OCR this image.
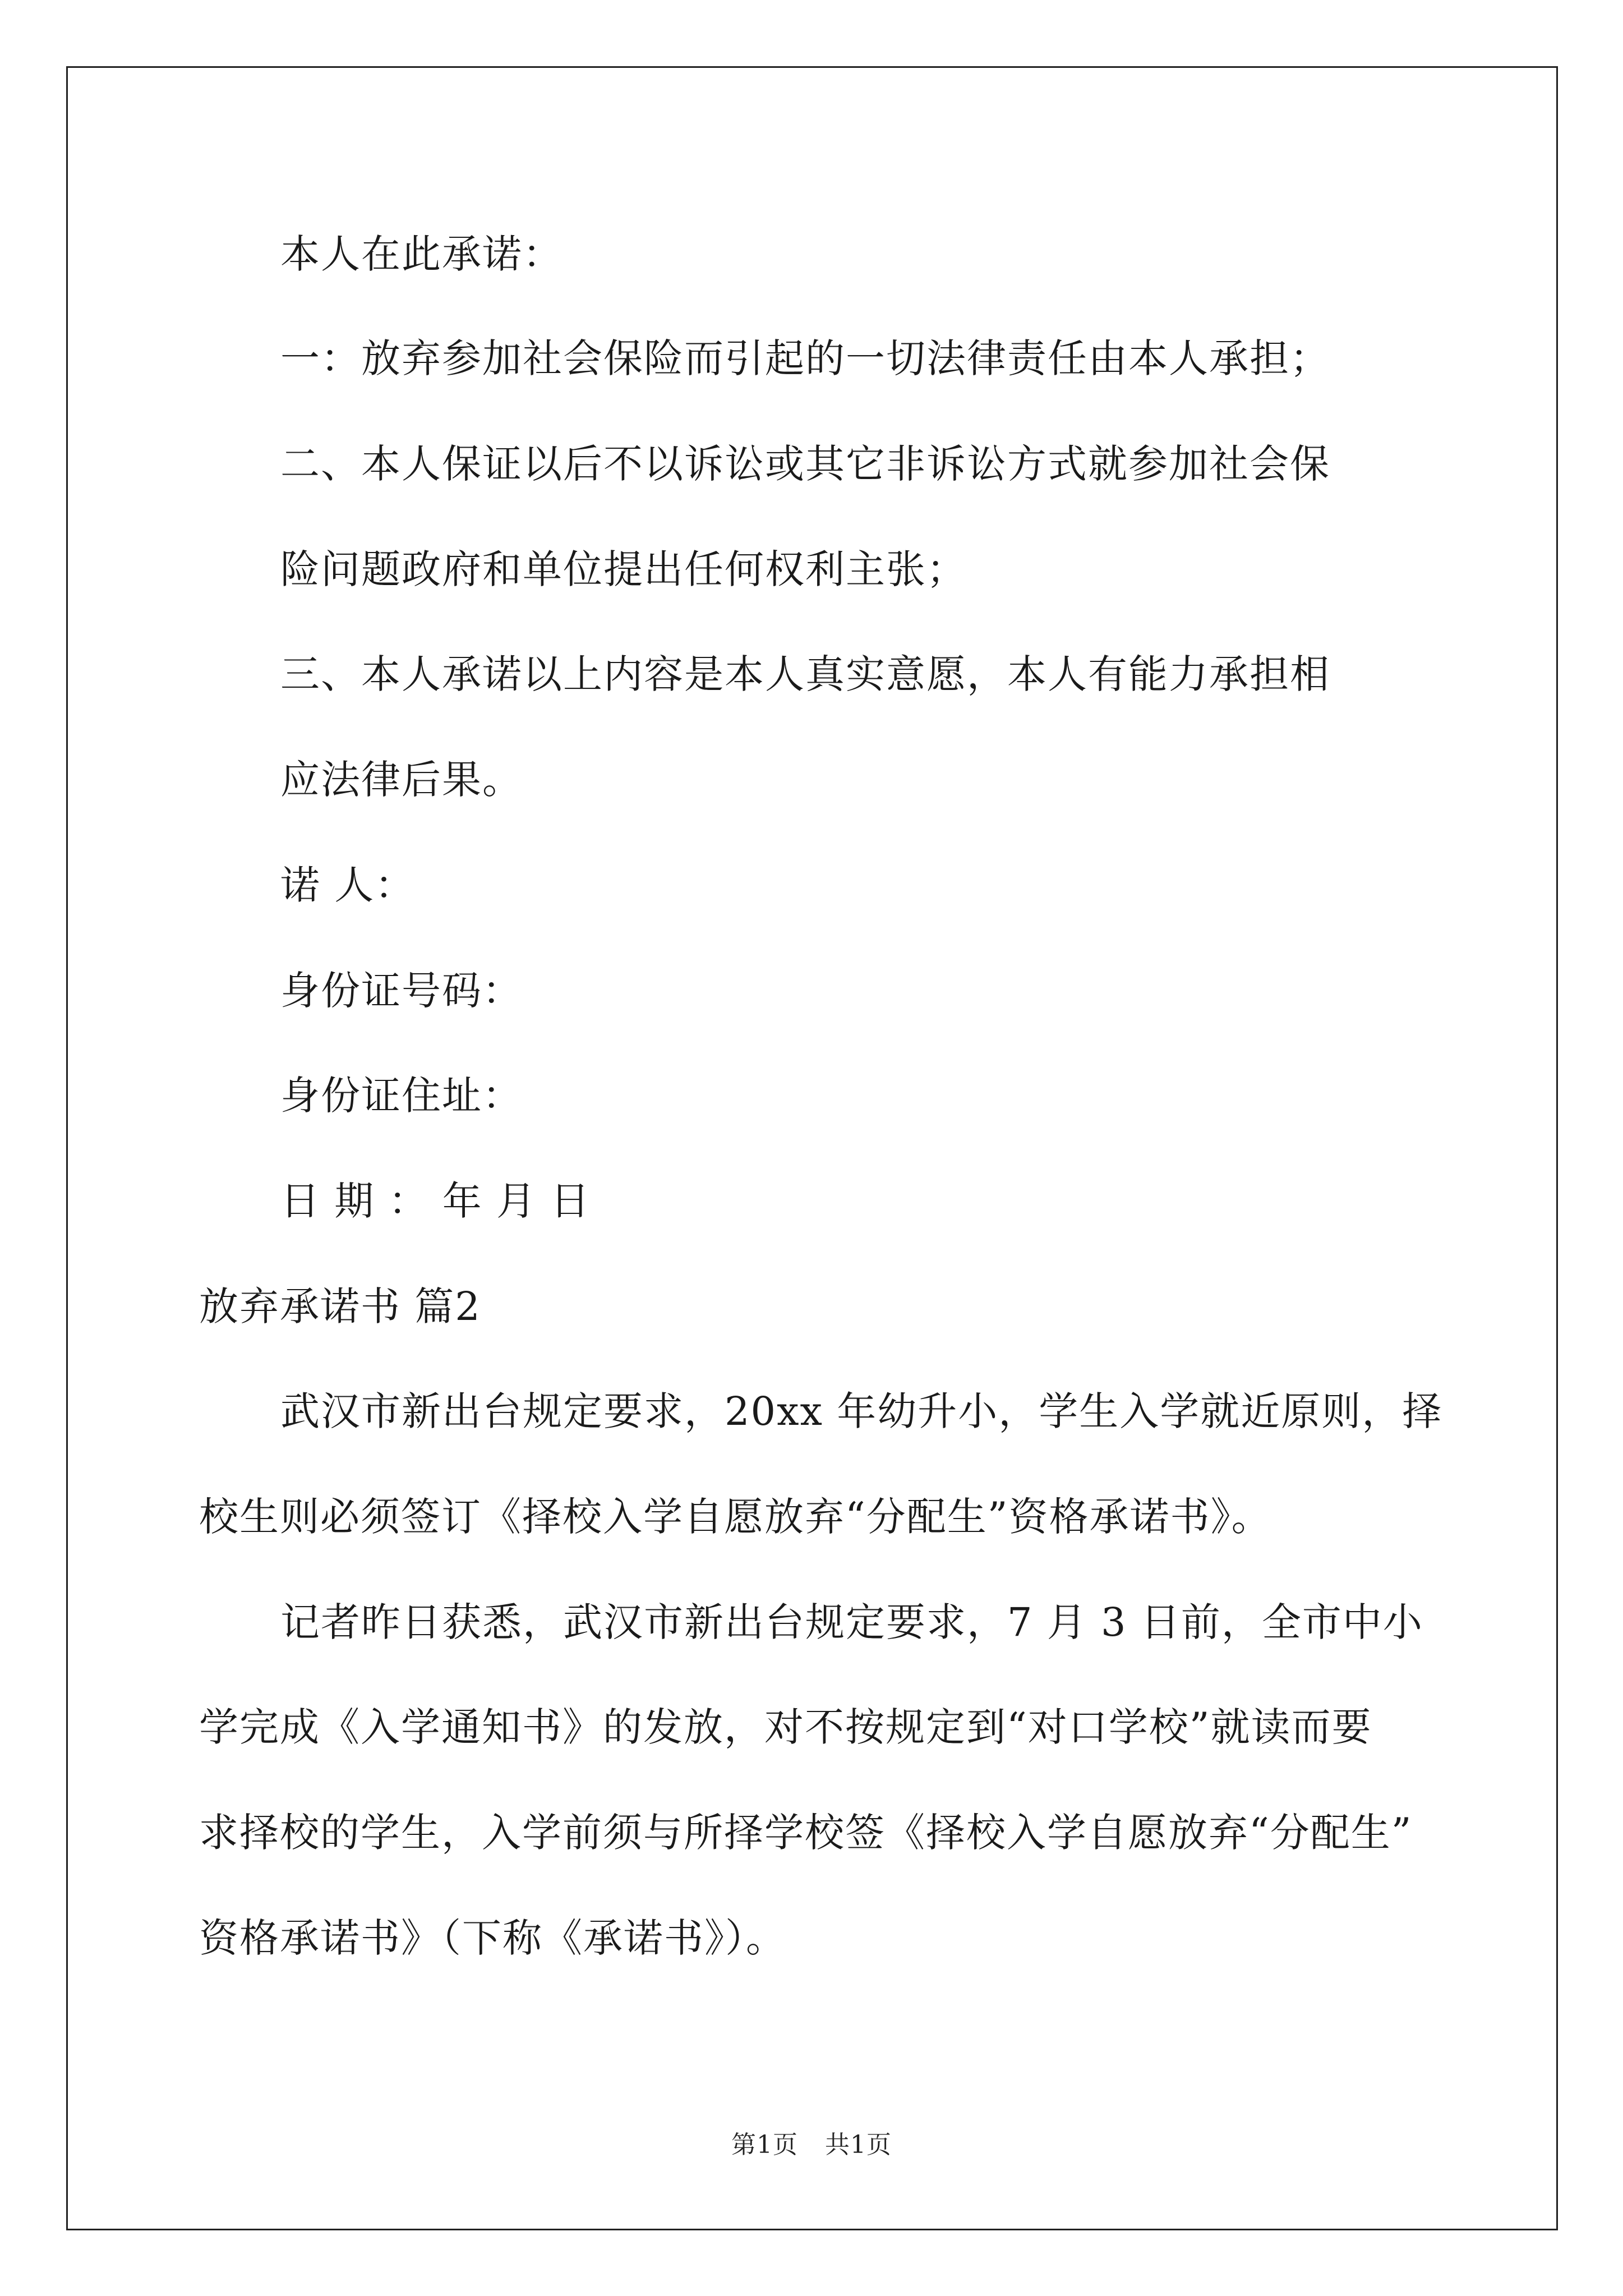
本人在此承诺：
一：放弃参加社会保险而引起的一切法律责任由本人承担；
二、本人保证以后不以诉讼或其它非诉讼方式就参加社会保
险问题政府和单位提出任何权利主张；
三、本人承诺以上内容是本人真实意愿，本人有能力承担相
应法律后果。
诺 人：
身份证号码：
身份证住址：
日 期 ： 年 月 日
放弃承诺书 篇2
武汉市新出台规定要求，20xx 年幼升小，学生入学就近原则，择
校生则必须签订《择校入学自愿放弃“分配生”资格承诺书》。
记者昨日获悉，武汉市新出台规定要求，7 月 3 日前，全市中小
学完成《入学通知书》的发放，对不按规定到“对口学校”就读而要
求择校的学生，入学前须与所择学校签《择校入学自愿放弃“分配生”
资格承诺书》（下称《承诺书》）。
第1页 共1页
